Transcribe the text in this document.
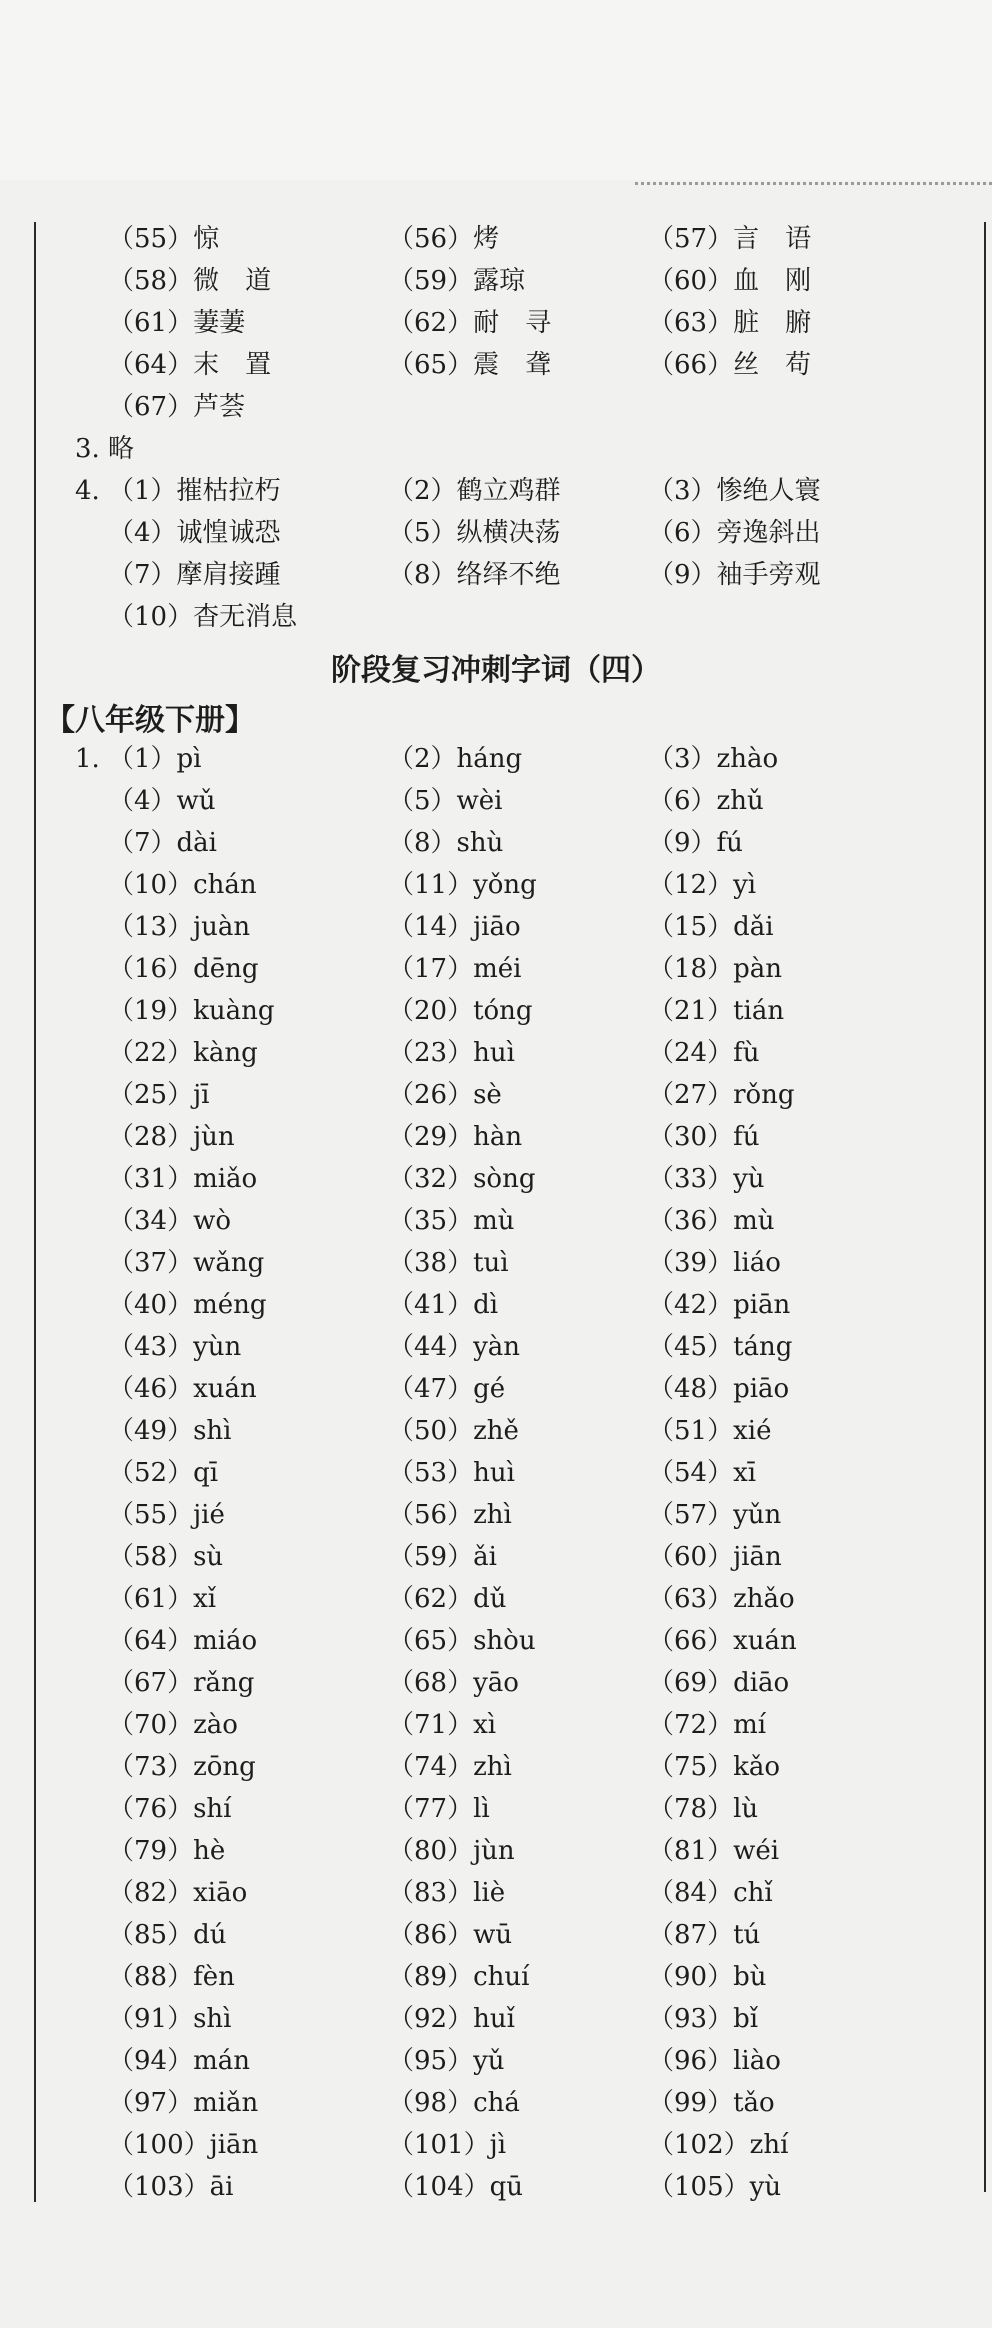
（55）惊	（56）烤	（57）言　语
（58）微　道	（59）露琼	（60）血　刚
（61）萋萋	（62）耐　寻	（63）脏　腑
（64）末　置	（65）震　聋	（66）丝　苟
（67）芦荟
3. 略
4. （1）摧枯拉朽	（2）鹤立鸡群	（3）惨绝人寰
（4）诚惶诚恐	（5）纵横决荡	（6）旁逸斜出
（7）摩肩接踵	（8）络绎不绝	（9）袖手旁观
（10）杳无消息
阶段复习冲刺字词（四）
【八年级下册】
1. （1）pì	（2）háng	（3）zhào
（4）wǔ	（5）wèi	（6）zhǔ
（7）dài	（8）shù	（9）fú
（10）chán	（11）yǒng	（12）yì
（13）juàn	（14）jiāo	（15）dǎi
（16）dēng	（17）méi	（18）pàn
（19）kuàng	（20）tóng	（21）tián
（22）kàng	（23）huì	（24）fù
（25）jī	（26）sè	（27）rǒng
（28）jùn	（29）hàn	（30）fú
（31）miǎo	（32）sòng	（33）yù
（34）wò	（35）mù	（36）mù
（37）wǎng	（38）tuì	（39）liáo
（40）méng	（41）dì	（42）piān
（43）yùn	（44）yàn	（45）táng
（46）xuán	（47）gé	（48）piāo
（49）shì	（50）zhě	（51）xié
（52）qī	（53）huì	（54）xī
（55）jié	（56）zhì	（57）yǔn
（58）sù	（59）ǎi	（60）jiān
（61）xǐ	（62）dǔ	（63）zhǎo
（64）miáo	（65）shòu	（66）xuán
（67）rǎng	（68）yāo	（69）diāo
（70）zào	（71）xì	（72）mí
（73）zōng	（74）zhì	（75）kǎo
（76）shí	（77）lì	（78）lù
（79）hè	（80）jùn	（81）wéi
（82）xiāo	（83）liè	（84）chǐ
（85）dú	（86）wū	（87）tú
（88）fèn	（89）chuí	（90）bù
（91）shì	（92）huǐ	（93）bǐ
（94）mán	（95）yǔ	（96）liào
（97）miǎn	（98）chá	（99）tǎo
（100）jiān	（101）jì	（102）zhí
（103）āi	（104）qū	（105）yù
